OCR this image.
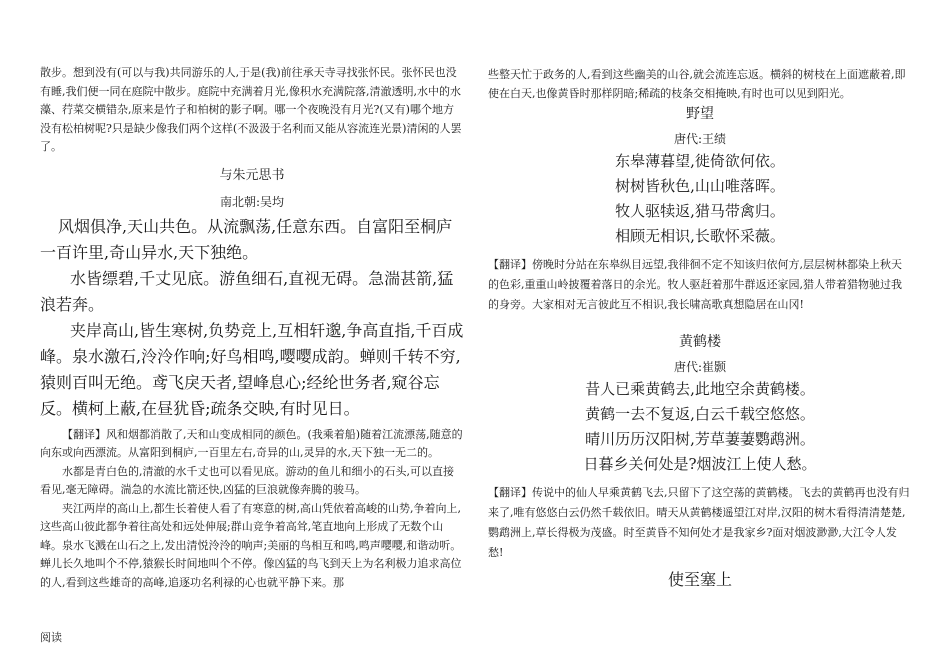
散步。想到没有(可以与我)共同游乐的人,于是(我)前往承天寺寻找张怀民。张怀民也没有睡,我们便一同在庭院中散步。庭院中充满着月光,像积水充满院落,清澈透明,水中的水藻、荇菜交横错杂,原来是竹子和柏树的影子啊。哪一个夜晚没有月光?(又有)哪个地方没有松柏树呢?只是缺少像我们两个这样(不汲汲于名利而又能从容流连光景)清闲的人罢了。

与朱元思书

南北朝:吴均

风烟俱净,天山共色。从流飘荡,任意东西。自富阳至桐庐一百许里,奇山异水,天下独绝。

水皆缥碧,千丈见底。游鱼细石,直视无碍。急湍甚箭,猛浪若奔。

夹岸高山,皆生寒树,负势竞上,互相轩邈,争高直指,千百成峰。泉水激石,泠泠作响;好鸟相鸣,嘤嘤成韵。蝉则千转不穷,猿则百叫无绝。鸢飞戾天者,望峰息心;经纶世务者,窥谷忘反。横柯上蔽,在昼犹昏;疏条交映,有时见日。

【翻译】风和烟都消散了,天和山变成相同的颜色。(我乘着船)随着江流漂荡,随意的向东或向西漂流。从富阳到桐庐,一百里左右,奇异的山,灵异的水,天下独一无二的。

水都是青白色的,清澈的水千丈也可以看见底。游动的鱼儿和细小的石头,可以直接看见,毫无障碍。湍急的水流比箭还快,凶猛的巨浪就像奔腾的骏马。

夹江两岸的高山上,都生长着使人看了有寒意的树,高山凭依着高峻的山势,争着向上,这些高山彼此都争着往高处和远处伸展;群山竞争着高耸,笔直地向上形成了无数个山峰。泉水飞溅在山石之上,发出清悦泠泠的响声;美丽的鸟相互和鸣,鸣声嘤嘤,和谐动听。蝉儿长久地叫个不停,猿猴长时间地叫个不停。像凶猛的鸟飞到天上为名利极力追求高位的人,看到这些雄奇的高峰,追逐功名利禄的心也就平静下来。那

些整天忙于政务的人,看到这些幽美的山谷,就会流连忘返。横斜的树枝在上面遮蔽着,即使在白天,也像黄昏时那样阴暗;稀疏的枝条交相掩映,有时也可以见到阳光。

野望

唐代:王绩

东皋薄暮望,徙倚欲何依。

树树皆秋色,山山唯落晖。

牧人驱犊返,猎马带禽归。

相顾无相识,长歌怀采薇。

【翻译】傍晚时分站在东皋纵目远望,我徘徊不定不知该归依何方,层层树林都染上秋天的色彩,重重山岭披覆着落日的余光。牧人驱赶着那牛群返还家园,猎人带着猎物驰过我的身旁。大家相对无言彼此互不相识,我长啸高歌真想隐居在山冈!

黄鹤楼

唐代:崔颢

昔人已乘黄鹤去,此地空余黄鹤楼。

黄鹤一去不复返,白云千载空悠悠。

晴川历历汉阳树,芳草萋萋鹦鹉洲。

日暮乡关何处是?烟波江上使人愁。

【翻译】传说中的仙人早乘黄鹤飞去,只留下了这空荡的黄鹤楼。飞去的黄鹤再也没有归来了,唯有悠悠白云仍然千载依旧。晴天从黄鹤楼遥望江对岸,汉阳的树木看得清清楚楚,鹦鹉洲上,草长得极为茂盛。时至黄昏不知何处才是我家乡?面对烟波渺渺,大江令人发愁!

使至塞上

阅读
